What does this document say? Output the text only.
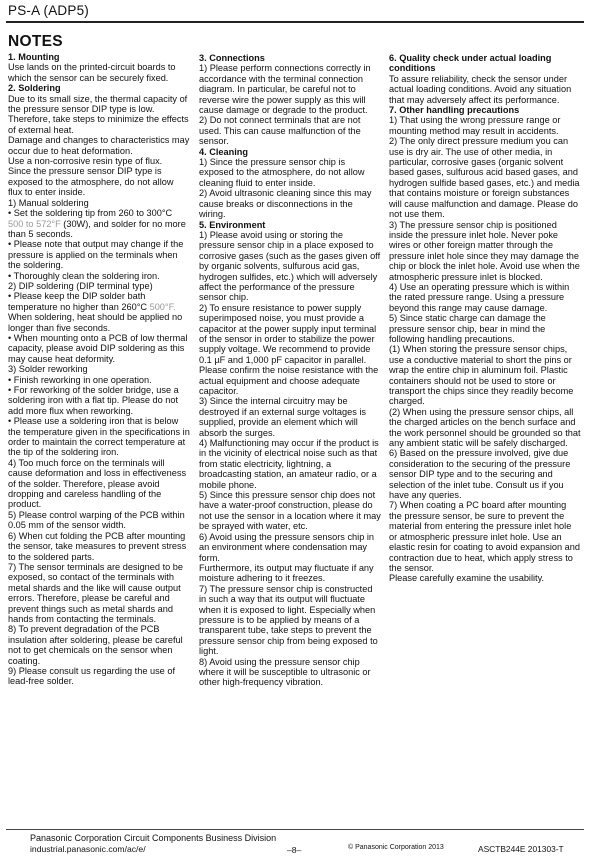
PS-A (ADP5)
NOTES

1. Mounting

Use lands on the printed-circuit boards to which the sensor can be securely fixed.

2. Soldering

Due to its small size, the thermal capacity of the pressure sensor DIP type is low. Therefore, take steps to minimize the effects of external heat.

Damage and changes to characteristics may occur due to heat deformation.

Use a non-corrosive resin type of flux.

Since the pressure sensor DIP type is exposed to the atmosphere, do not allow flux to enter inside.

1) Manual soldering

• Set the soldering tip from 260 to 300°C

500 to 572°F (30W), and solder for no more than 5 seconds.

• Please note that output may change if the pressure is applied on the terminals when the soldering.

• Thoroughly clean the soldering iron.

2) DIP soldering (DIP terminal type)

• Please keep the DIP solder bath temperature no higher than 260°C 500°F.

When soldering, heat should be applied no longer than five seconds.

• When mounting onto a PCB of low thermal capacity, please avoid DIP soldering as this may cause heat deformity.

3) Solder reworking

• Finish reworking in one operation.

• For reworking of the solder bridge, use a soldering iron with a flat tip. Please do not add more flux when reworking.

• Please use a soldering iron that is below the temperature given in the specifications in order to maintain the correct temperature at the tip of the soldering iron.

4) Too much force on the terminals will cause deformation and loss in effectiveness of the solder. Therefore, please avoid dropping and careless handling of the product.

5) Please control warping of the PCB within 0.05 mm of the sensor width.

6) When cut folding the PCB after mounting the sensor, take measures to prevent stress to the soldered parts.

7) The sensor terminals are designed to be exposed, so contact of the terminals with metal shards and the like will cause output errors. Therefore, please be careful and prevent things such as metal shards and hands from contacting the terminals.

8) To prevent degradation of the PCB insulation after soldering, please be careful not to get chemicals on the sensor when coating.

9) Please consult us regarding the use of lead-free solder.

3. Connections

1) Please perform connections correctly in accordance with the terminal connection diagram. In particular, be careful not to reverse wire the power supply as this will cause damage or degrade to the product.

2) Do not connect terminals that are not used. This can cause malfunction of the sensor.

4. Cleaning

1) Since the pressure sensor chip is exposed to the atmosphere, do not allow cleaning fluid to enter inside.

2) Avoid ultrasonic cleaning since this may cause breaks or disconnections in the wiring.

5. Environment

1) Please avoid using or storing the pressure sensor chip in a place exposed to corrosive gases (such as the gases given off by organic solvents, sulfurous acid gas, hydrogen sulfides, etc.) which will adversely affect the performance of the pressure sensor chip.

2) To ensure resistance to power supply superimposed noise, you must provide a capacitor at the power supply input terminal of the sensor in order to stabilize the power supply voltage. We recommend to provide 0.1 µF and 1,000 pF capacitor in parallel. Please confirm the noise resistance with the actual equipment and choose adequate capacitor.

3) Since the internal circuitry may be destroyed if an external surge voltages is supplied, provide an element which will absorb the surges.

4) Malfunctioning may occur if the product is in the vicinity of electrical noise such as that from static electricity, lightning, a broadcasting station, an amateur radio, or a mobile phone.

5) Since this pressure sensor chip does not have a water-proof construction, please do not use the sensor in a location where it may be sprayed with water, etc.

6) Avoid using the pressure sensors chip in an environment where condensation may form.

Furthermore, its output may fluctuate if any moisture adhering to it freezes.

7) The pressure sensor chip is constructed in such a way that its output will fluctuate when it is exposed to light. Especially when pressure is to be applied by means of a transparent tube, take steps to prevent the pressure sensor chip from being exposed to light.

8) Avoid using the pressure sensor chip where it will be susceptible to ultrasonic or other high-frequency vibration.

6. Quality check under actual loading conditions

To assure reliability, check the sensor under actual loading conditions. Avoid any situation that may adversely affect its performance.

7. Other handling precautions

1) That using the wrong pressure range or mounting method may result in accidents.

2) The only direct pressure medium you can use is dry air. The use of other media, in particular, corrosive gases (organic solvent based gases, sulfurous acid based gases, and hydrogen sulfide based gases, etc.) and media that contains moisture or foreign substances will cause malfunction and damage. Please do not use them.

3) The pressure sensor chip is positioned inside the pressure inlet hole. Never poke wires or other foreign matter through the pressure inlet hole since they may damage the chip or block the inlet hole. Avoid use when the atmospheric pressure inlet is blocked.

4) Use an operating pressure which is within the rated pressure range. Using a pressure beyond this range may cause damage.

5) Since static charge can damage the pressure sensor chip, bear in mind the following handling precautions.

(1) When storing the pressure sensor chips, use a conductive material to short the pins or wrap the entire chip in aluminum foil. Plastic containers should not be used to store or transport the chips since they readily become charged.

(2) When using the pressure sensor chips, all the charged articles on the bench surface and the work personnel should be grounded so that any ambient static will be safely discharged.

6) Based on the pressure involved, give due consideration to the securing of the pressure sensor DIP type and to the securing and selection of the inlet tube. Consult us if you have any queries.

7) When coating a PC board after mounting the pressure sensor, be sure to prevent the material from entering the pressure inlet hole or atmospheric pressure inlet hole. Use an elastic resin for coating to avoid expansion and contraction due to heat, which apply stress to the sensor.

Please carefully examine the usability.

Panasonic Corporation Circuit Components Business Division
industrial.panasonic.com/ac/e/	–8–	© Panasonic Corporation 2013	ASCTB244E 201303-T
